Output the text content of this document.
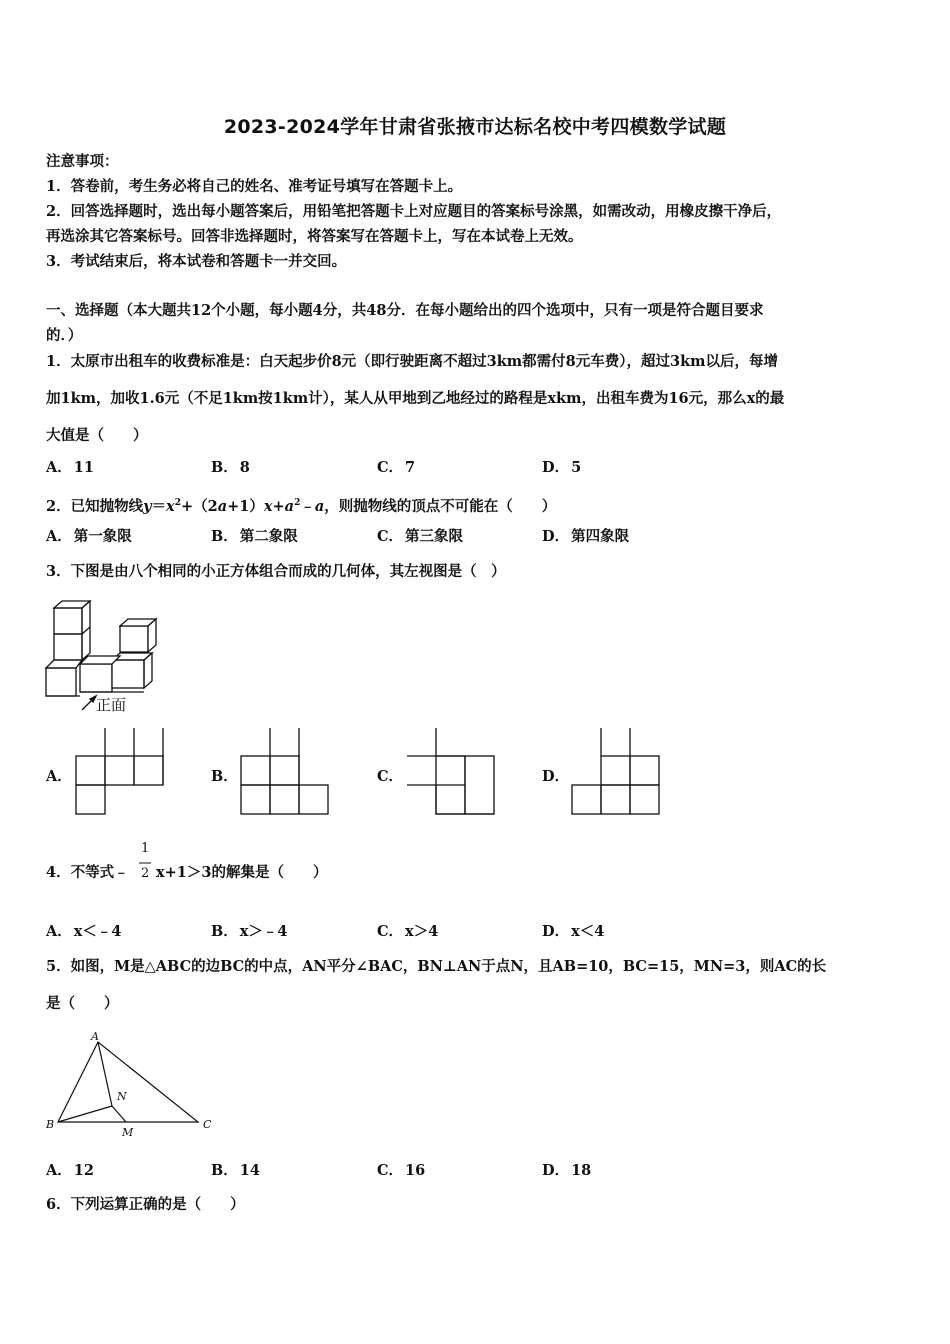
2023-2024学年甘肃省张掖市达标名校中考四模数学试题
注意事项：
1．答卷前，考生务必将自己的姓名、准考证号填写在答题卡上。
2．回答选择题时，选出每小题答案后，用铅笔把答题卡上对应题目的答案标号涂黑，如需改动，用橡皮擦干净后，
再选涂其它答案标号。回答非选择题时，将答案写在答题卡上，写在本试卷上无效。
3．考试结束后，将本试卷和答题卡一并交回。
一、选择题（本大题共12个小题，每小题4分，共48分．在每小题给出的四个选项中，只有一项是符合题目要求
的．）
1．太原市出租车的收费标准是：白天起步价8元（即行驶距离不超过3km都需付8元车费），超过3km以后，每增
加1km，加收1.6元（不足1km按1km计），某人从甲地到乙地经过的路程是xkm，出租车费为16元，那么x的最
大值是（　　）
A． 11	B． 8	C． 7	D． 5
2．已知抛物线$y=x^2+(2a+1)x+a^2﹣a$，则抛物线的顶点不可能在（　　）
A． 第一象限	B． 第二象限	C． 第三象限	D． 第四象限
3．下图是由八个相同的小正方体组合而成的几何体，其左视图是（　）
正面
A．	B．	C．	D．
4．不等式﹣
1
2 x+1＞3的解集是（　　）
A． x＜﹣4	B． x＞﹣4	C． x＞4	D． x＜4
5．如图，M是△ABC的边BC的中点，AN平分∠BAC，BN⊥AN于点N，且AB=10，BC=15，MN=3，则AC的长
是（　　）
A
B	C
N
M
A． 12	B． 14	C． 16	D． 18
6．下列运算正确的是（　　）
